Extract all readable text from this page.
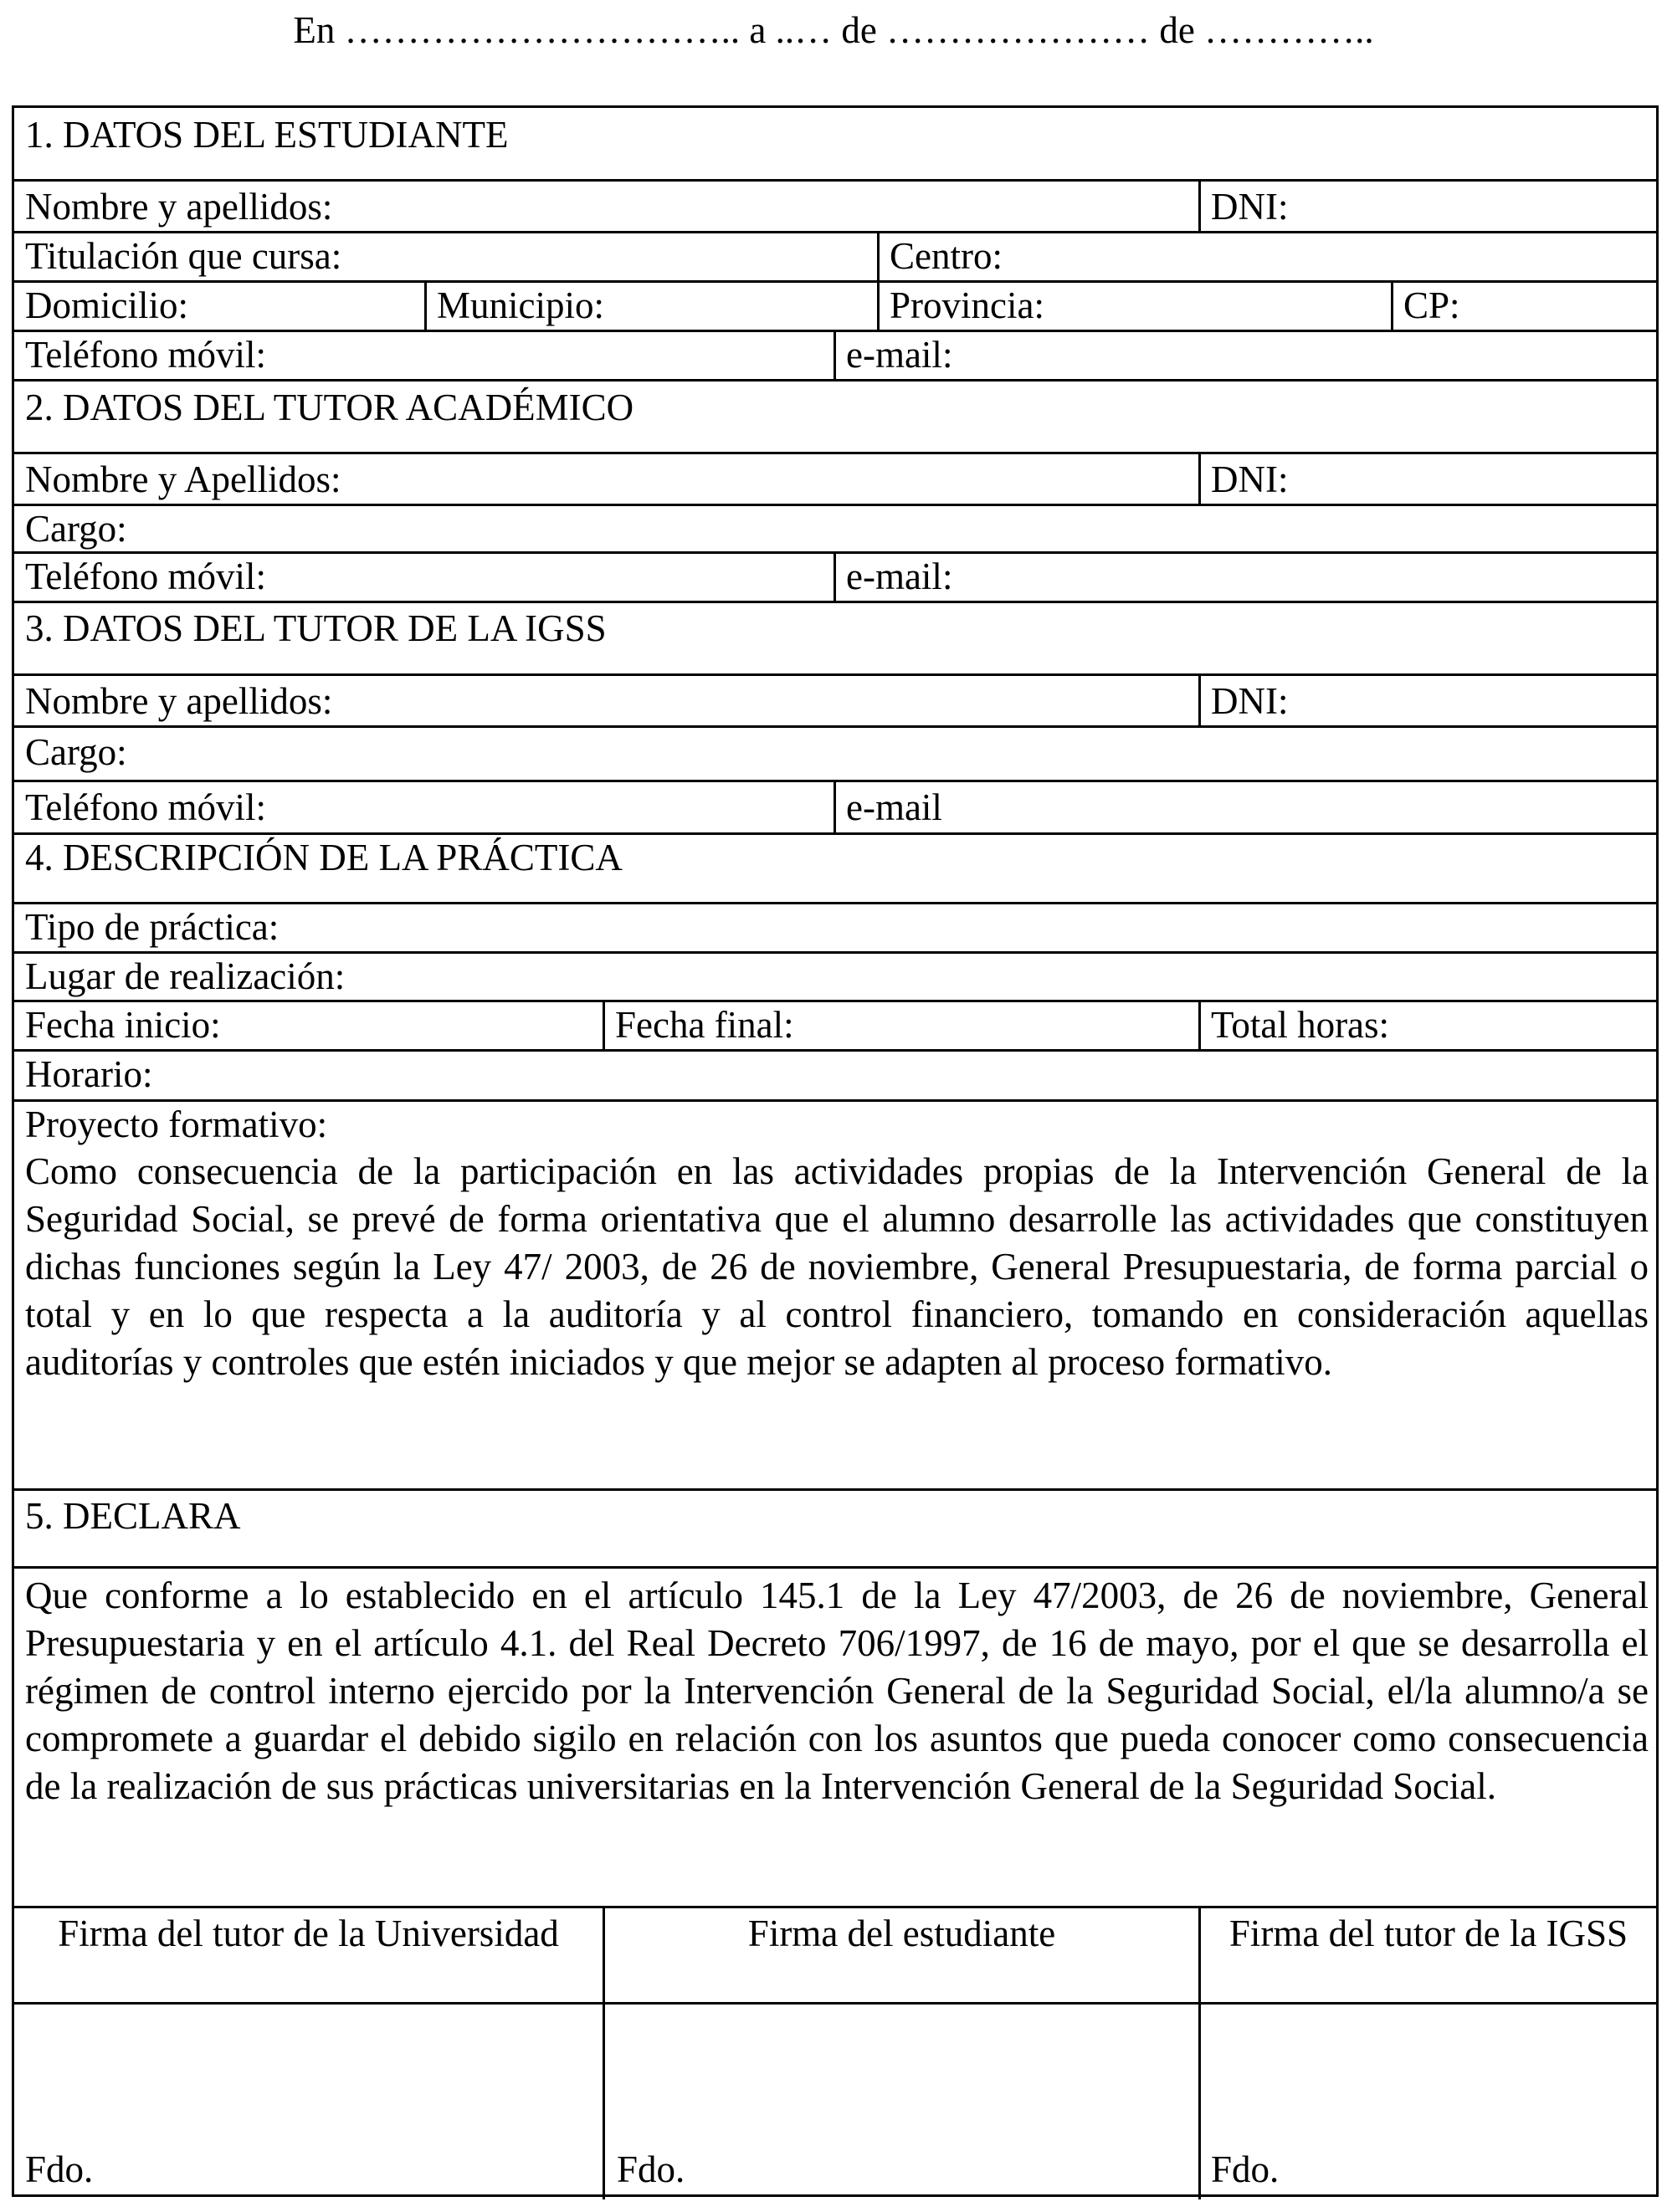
En ………………………….. a ..… de ………………… de …………..
1. DATOS DEL ESTUDIANTE
Nombre y apellidos:	DNI:
Titulación que cursa:	Centro:
Domicilio:	Municipio:	Provincia:	CP:
Teléfono móvil:	e-mail:
2. DATOS DEL TUTOR ACADÉMICO
Nombre y Apellidos:	DNI:
Cargo:
Teléfono móvil:	e-mail:
3. DATOS DEL TUTOR DE LA IGSS
Nombre y apellidos:	DNI:
Cargo:
Teléfono móvil:	e-mail
4. DESCRIPCIÓN DE LA PRÁCTICA
Tipo de práctica:
Lugar de realización:
Fecha inicio:	Fecha final:	Total horas:
Horario:
Proyecto formativo:
Como consecuencia de la participación en las actividades propias de la Intervención General de la Seguridad Social, se prevé de forma orientativa que el alumno desarrolle las actividades que constituyen dichas funciones según la Ley 47/ 2003, de 26 de noviembre, General Presupuestaria, de forma parcial o total y en lo que respecta a la auditoría y al control financiero, tomando en consideración aquellas auditorías y controles que estén iniciados y que mejor se adapten al proceso formativo.
5. DECLARA
Que conforme a lo establecido en el artículo 145.1 de la Ley 47/2003, de 26 de noviembre, General Presupuestaria y en el artículo 4.1. del Real Decreto 706/1997, de 16 de mayo, por el que se desarrolla el régimen de control interno ejercido por la Intervención General de la Seguridad Social, el/la alumno/a se compromete a guardar el debido sigilo en relación con los asuntos que pueda conocer como consecuencia de la realización de sus prácticas universitarias en la Intervención General de la Seguridad Social.
Firma del tutor de la Universidad	Firma del estudiante	Firma del tutor de la IGSS
Fdo.	Fdo.	Fdo.
